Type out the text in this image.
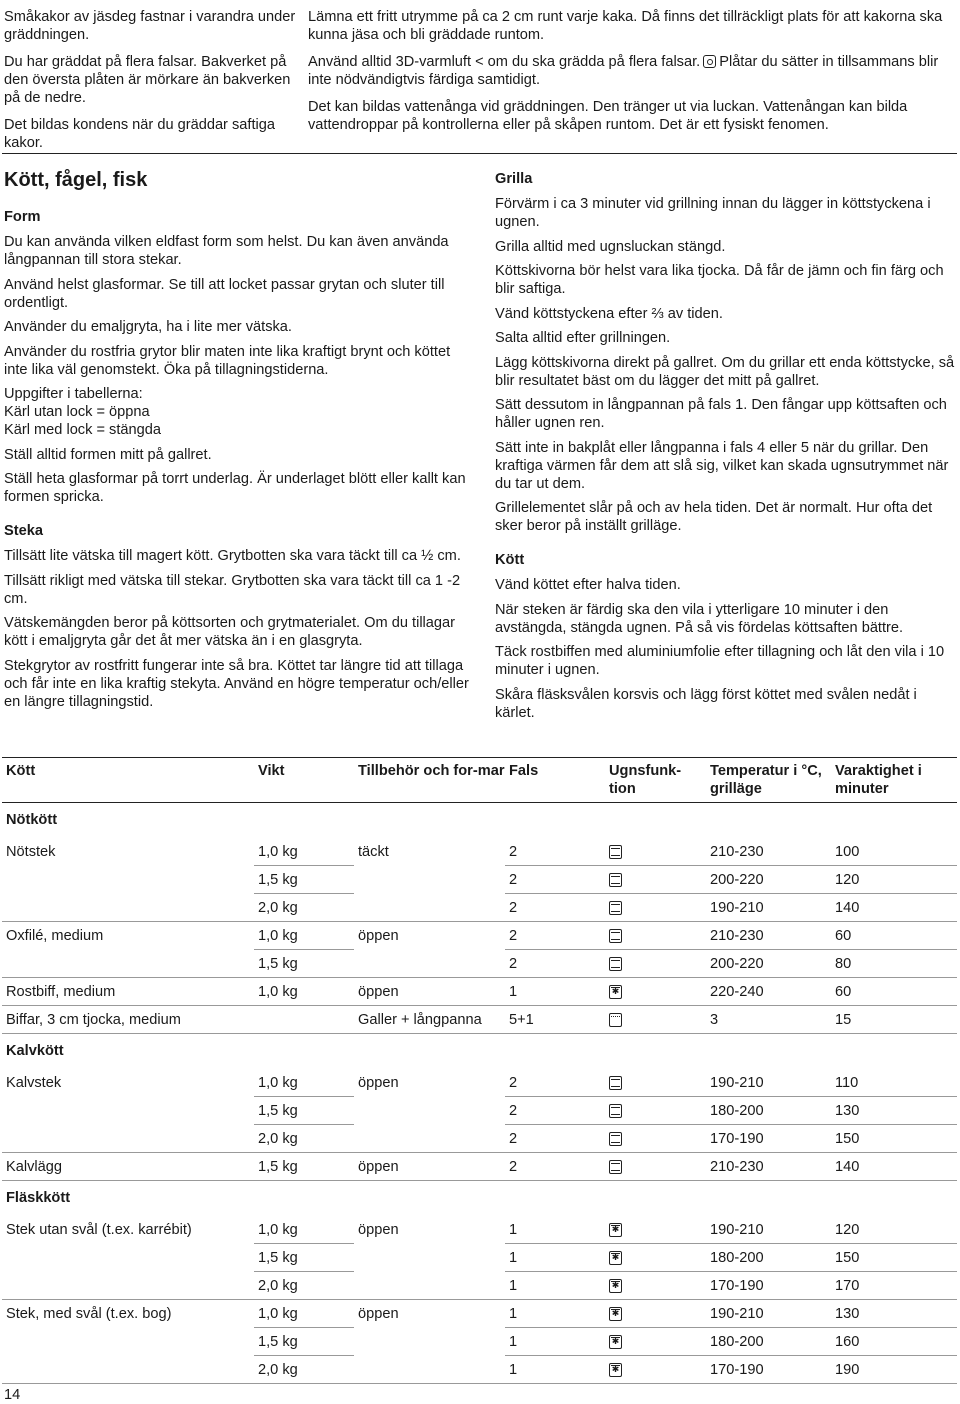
Småkakor av jäsdeg fastnar i varandra under gräddningen.

Du har gräddat på flera falsar. Bakverket på den översta plåten är mörkare än bakverken på de nedre.

Det bildas kondens när du gräddar saftiga kakor.

Lämna ett fritt utrymme på ca 2 cm runt varje kaka. Då finns det tillräckligt plats för att kakorna ska kunna jäsa och bli gräddade runtom.

Använd alltid 3D-varmluft < om du ska grädda på flera falsar. Plåtar du sätter in tillsammans blir inte nödvändigtvis färdiga samtidigt.

Det kan bildas vattenånga vid gräddningen. Den tränger ut via luckan. Vattenångan kan bilda vattendroppar på kontrollerna eller på skåpen runtom. Det är ett fysiskt fenomen.

Kött, fågel, fisk
Form

Du kan använda vilken eldfast form som helst. Du kan även använda långpannan till stora stekar.

Använd helst glasformar. Se till att locket passar grytan och sluter till ordentligt.

Använder du emaljgryta, ha i lite mer vätska.

Använder du rostfria grytor blir maten inte lika kraftigt brynt och köttet inte lika väl genomstekt. Öka på tillagningstiderna.

Uppgifter i tabellerna:

Kärl utan lock = öppna

Kärl med lock = stängda

Ställ alltid formen mitt på gallret.

Ställ heta glasformar på torrt underlag. Är underlaget blött eller kallt kan formen spricka.

Steka

Tillsätt lite vätska till magert kött. Grytbotten ska vara täckt till ca ½ cm.

Tillsätt rikligt med vätska till stekar. Grytbotten ska vara täckt till ca 1 -2 cm.

Vätskemängden beror på köttsorten och grytmaterialet. Om du tillagar kött i emaljgryta går det åt mer vätska än i en glasgryta.

Stekgrytor av rostfritt fungerar inte så bra. Köttet tar längre tid att tillaga och får inte en lika kraftig stekyta. Använd en högre temperatur och/eller en längre tillagningstid.

Grilla

Förvärm i ca 3 minuter vid grillning innan du lägger in köttstyckena i ugnen.

Grilla alltid med ugnsluckan stängd.

Köttskivorna bör helst vara lika tjocka. Då får de jämn och fin färg och blir saftiga.

Vänd köttstyckena efter ⅔ av tiden.

Salta alltid efter grillningen.

Lägg köttskivorna direkt på gallret. Om du grillar ett enda köttstycke, så blir resultatet bäst om du lägger det mitt på gallret.

Sätt dessutom in långpannan på fals 1. Den fångar upp köttsaften och håller ugnen ren.

Sätt inte in bakplåt eller långpanna i fals 4 eller 5 när du grillar. Den kraftiga värmen får dem att slå sig, vilket kan skada ugnsutrymmet när du tar ut dem.

Grillelementet slår på och av hela tiden. Det är normalt. Hur ofta det sker beror på inställt grilläge.

Kött

Vänd köttet efter halva tiden.

När steken är färdig ska den vila i ytterligare 10 minuter i den avstängda, stängda ugnen. På så vis fördelas köttsaften bättre.

Täck rostbiffen med aluminiumfolie efter tillagning och låt den vila i 10 minuter i ugnen.

Skåra fläsksvålen korsvis och lägg först köttet med svålen nedåt i kärlet.

Kött	Vikt	Tillbehör och for-mar	Fals	Ugnsfunk-tion	Temperatur i °C, grilläge	Varaktighet i minuter
Nötkött						
Nötstek	1,0 kg	täckt	2		210-230	100
	1,5 kg		2		200-220	120
	2,0 kg		2		190-210	140
Oxfilé, medium	1,0 kg	öppen	2		210-230	60
	1,5 kg		2		200-220	80
Rostbiff, medium	1,0 kg	öppen	1	✱	220-240	60
Biffar, 3 cm tjocka, medium		Galler + långpanna	5+1		3	15
Kalvkött						
Kalvstek	1,0 kg	öppen	2		190-210	110
	1,5 kg		2		180-200	130
	2,0 kg		2		170-190	150
Kalvlägg	1,5 kg	öppen	2		210-230	140
Fläskkött						
Stek utan svål (t.ex. karrébit)	1,0 kg	öppen	1	✱	190-210	120
	1,5 kg		1	✱	180-200	150
	2,0 kg		1	✱	170-190	170
Stek, med svål (t.ex. bog)	1,0 kg	öppen	1	✱	190-210	130
	1,5 kg		1	✱	180-200	160
	2,0 kg		1	✱	170-190	190
14
